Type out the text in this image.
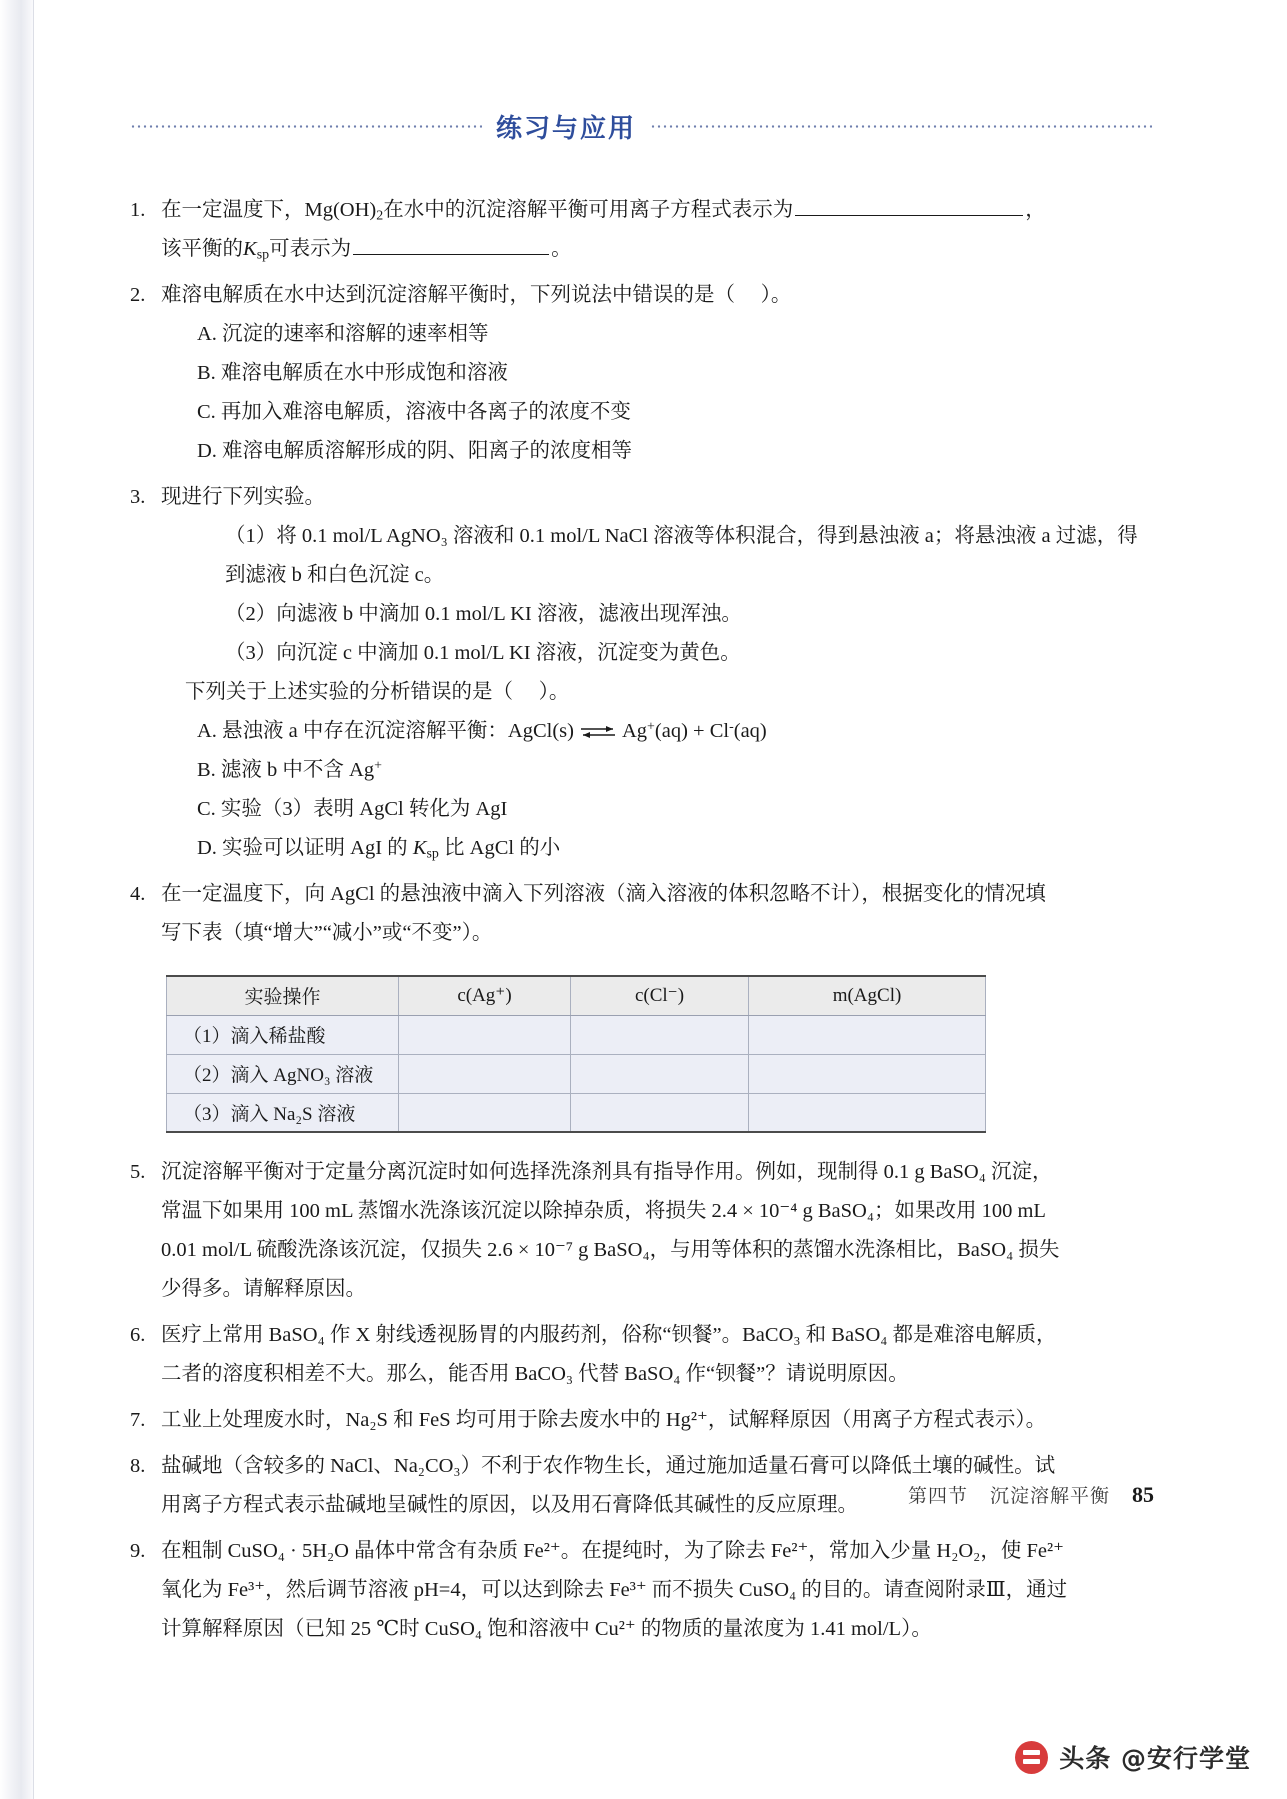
练习与应用
1. 在一定温度下，$Mg(OH)_2$在水中的沉淀溶解平衡可用离子方程式表示为	，

该平衡的$K_{sp}$可表示为	。

2. 难溶电解质在水中达到沉淀溶解平衡时，下列说法中错误的是（ ）。

A. 沉淀的速率和溶解的速率相等

B. 难溶电解质在水中形成饱和溶液

C. 再加入难溶电解质，溶液中各离子的浓度不变

D. 难溶电解质溶解形成的阴、阳离子的浓度相等

3. 现进行下列实验。

（1）将 0.1 mol/L AgNO₃ 溶液和 0.1 mol/L NaCl 溶液等体积混合，得到悬浊液 a；将悬浊液 a 过滤，得

到滤液 b 和白色沉淀 c。

（2）向滤液 b 中滴加 0.1 mol/L KI 溶液，滤液出现浑浊。

（3）向沉淀 c 中滴加 0.1 mol/L KI 溶液，沉淀变为黄色。

下列关于上述实验的分析错误的是（ ）。

A. 悬浊液 a 中存在沉淀溶解平衡：AgCl(s) ⇌ Ag+(aq) + Cl-(aq)

B. 滤液 b 中不含 Ag+

C. 实验（3）表明 AgCl 转化为 AgI

D. 实验可以证明 AgI 的 $K_{sp}$ 比 AgCl 的小

4. 在一定温度下，向 AgCl 的悬浊液中滴入下列溶液（滴入溶液的体积忽略不计），根据变化的情况填

写下表（填“增大”“减小”或“不变”）。

实验操作	c(Ag⁺)	c(Cl⁻)	m(AgCl)
（1）滴入稀盐酸			
（2）滴入 AgNO₃ 溶液			
（3）滴入 Na₂S 溶液			
5. 沉淀溶解平衡对于定量分离沉淀时如何选择洗涤剂具有指导作用。例如，现制得 0.1 g BaSO₄ 沉淀，

常温下如果用 100 mL 蒸馏水洗涤该沉淀以除掉杂质，将损失 2.4 × 10⁻⁴ g BaSO₄；如果改用 100 mL

0.01 mol/L 硫酸洗涤该沉淀，仅损失 2.6 × 10⁻⁷ g BaSO₄，与用等体积的蒸馏水洗涤相比，BaSO₄ 损失

少得多。请解释原因。

6. 医疗上常用 BaSO₄ 作 X 射线透视肠胃的内服药剂，俗称“钡餐”。BaCO₃ 和 BaSO₄ 都是难溶电解质，

二者的溶度积相差不大。那么，能否用 BaCO₃ 代替 BaSO₄ 作“钡餐”？请说明原因。

7. 工业上处理废水时，Na₂S 和 FeS 均可用于除去废水中的 Hg²⁺，试解释原因（用离子方程式表示）。

8. 盐碱地（含较多的 NaCl、Na₂CO₃）不利于农作物生长，通过施加适量石膏可以降低土壤的碱性。试

用离子方程式表示盐碱地呈碱性的原因，以及用石膏降低其碱性的反应原理。

9. 在粗制 CuSO₄ · 5H₂O 晶体中常含有杂质 Fe²⁺。在提纯时，为了除去 Fe²⁺，常加入少量 H₂O₂，使 Fe²⁺

氧化为 Fe³⁺，然后调节溶液 pH=4，可以达到除去 Fe³⁺ 而不损失 CuSO₄ 的目的。请查阅附录Ⅲ，通过

计算解释原因（已知 25 ℃时 CuSO₄ 饱和溶液中 Cu²⁺ 的物质的量浓度为 1.41 mol/L）。

第四节 沉淀溶解平衡 85
头条 @安行学堂
